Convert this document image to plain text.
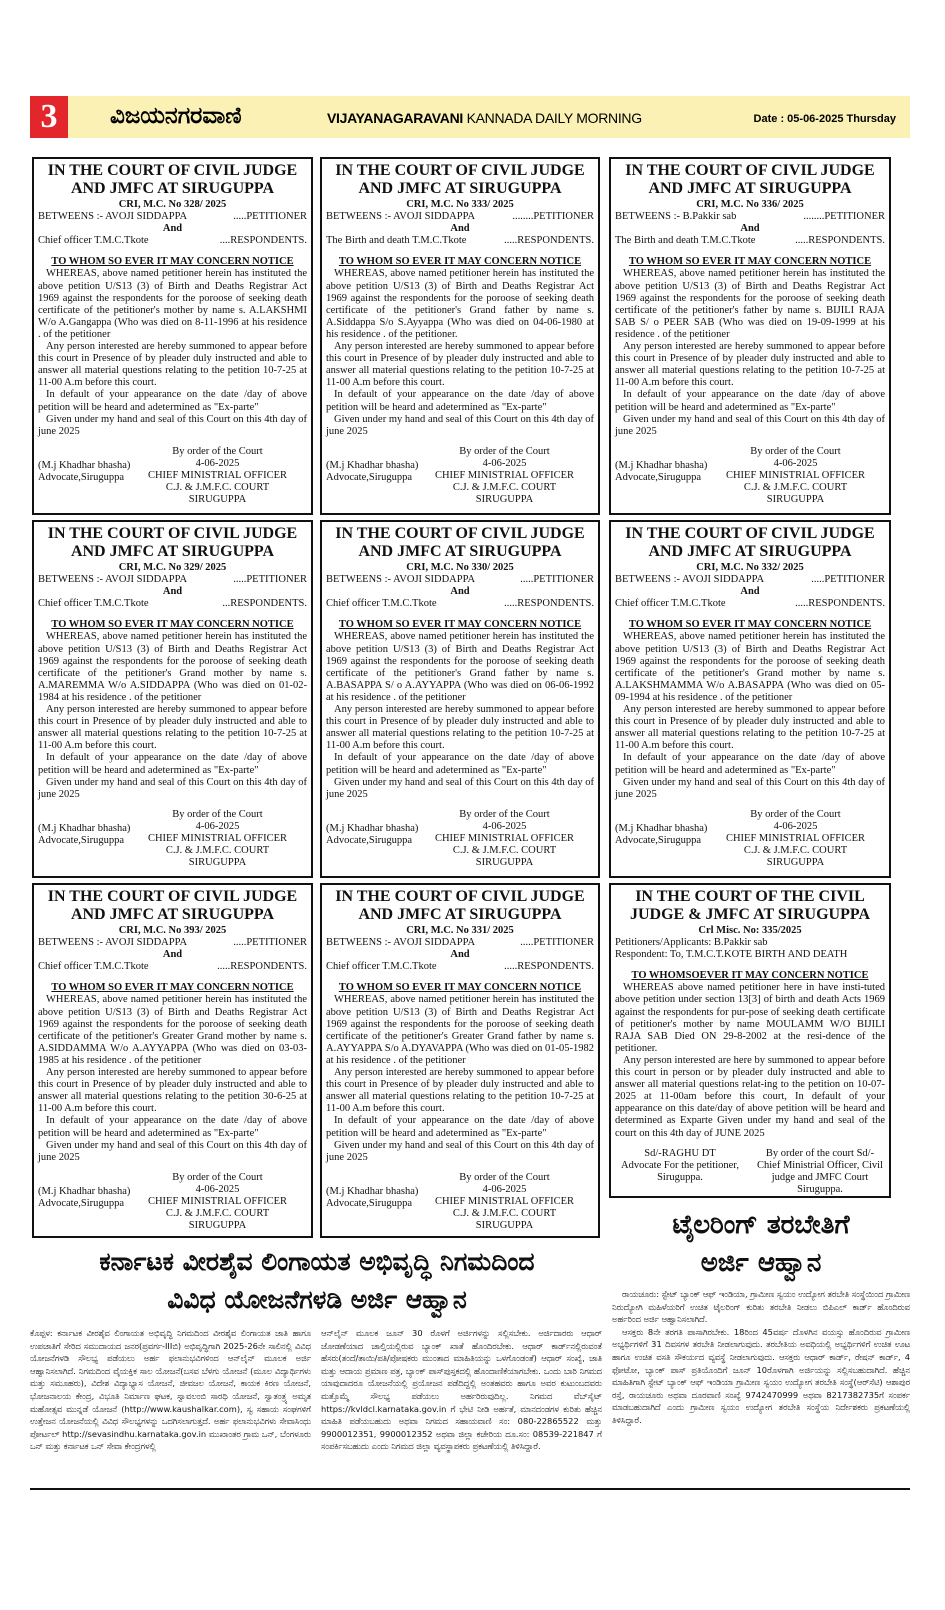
3	ವಿಜಯನಗರವಾಣಿ	VIJAYANAGARAVANI KANNADA DAILY MORNING	Date : 05-06-2025 Thursday
IN THE COURT OF CIVIL JUDGE AND JMFC AT SIRUGUPPA
CRI, M.C. No 328/ 2025
BETWEENS :- AVOJI SIDDAPPA	.....PETITIONER
And
Chief officer T.M.C.Tkote	....RESPONDENTS.
TO WHOM SO EVER IT MAY CONCERN NOTICE
WHEREAS, above named petitioner herein has instituted the above petition U/S13 (3) of Birth and Deaths Registrar Act 1969 against the respondents for the poroose of seeking death certificate of the petitioner's mother by name s. A.LAKSHMI W/o A.Gangappa (Who was died on 8-11-1996 at his residence . of the petitioner
Any person interested are hereby summoned to appear before this court in Presence of by pleader duly instructed and able to answer all material questions relating to the petition 10-7-25 at 11-00 A.m before this court.
In default of your appearance on the date /day of above petition will be heard and adetermined as "Ex-parte"
Given under my hand and seal of this Court on this 4th day of june 2025
(M.j Khadhar bhasha)
Advocate,Siruguppa
By order of the Court
4-06-2025
CHIEF MINISTRIAL OFFICER
C.J. & J.M.F.C. COURT
SIRUGUPPA
IN THE COURT OF CIVIL JUDGE AND JMFC AT SIRUGUPPA
CRI, M.C. No 333/ 2025
BETWEENS :- AVOJI SIDDAPPA	........PETITIONER
And
The Birth and death T.M.C.Tkote	.....RESPONDENTS.
TO WHOM SO EVER IT MAY CONCERN NOTICE
WHEREAS, above named petitioner herein has instituted the above petition U/S13 (3) of Birth and Deaths Registrar Act 1969 against the respondents for the poroose of seeking death certificate of the petitioner's Grand father by name s. A.Siddappa S/o S.Ayyappa (Who was died on 04-06-1980 at his residence . of the petitioner.
Any person interested are hereby summoned to appear before this court in Presence of by pleader duly instructed and able to answer all material questions relating to the petition 10-7-25 at 11-00 A.m before this court.
In default of your appearance on the date /day of above petition will be heard and adetermined as "Ex-parte"
Given under my hand and seal of this Court on this 4th day of june 2025
(M.j Khadhar bhasha)
Advocate,Siruguppa
By order of the Court
4-06-2025
CHIEF MINISTRIAL OFFICER
C.J. & J.M.F.C. COURT
SIRUGUPPA
IN THE COURT OF CIVIL JUDGE AND JMFC AT SIRUGUPPA
CRI, M.C. No 336/ 2025
BETWEENS :- B.Pakkir sab	........PETITIONER
And
The Birth and death T.M.C.Tkote	.....RESPONDENTS.
TO WHOM SO EVER IT MAY CONCERN NOTICE
WHEREAS, above named petitioner herein has instituted the above petition U/S13 (3) of Birth and Deaths Registrar Act 1969 against the respondents for the poroose of seeking death certificate of the petitioner's father by name s. BIJILI RAJA SAB S/ o PEER SAB (Who was died on 19-09-1999 at his residence . of the petitioner
Any person interested are hereby summoned to appear before this court in Presence of by pleader duly instructed and able to answer all material questions relating to the petition 10-7-25 at 11-00 A.m before this court.
In default of your appearance on the date /day of above petition will be heard and adetermined as "Ex-parte"
Given under my hand and seal of this Court on this 4th day of june 2025
(M.j Khadhar bhasha)
Advocate,Siruguppa
By order of the Court
4-06-2025
CHIEF MINISTRIAL OFFICER
C.J. & J.M.F.C. COURT
SIRUGUPPA
IN THE COURT OF CIVIL JUDGE AND JMFC AT SIRUGUPPA
CRI, M.C. No 329/ 2025
BETWEENS :- AVOJI SIDDAPPA	.....PETITIONER
And
Chief officer T.M.C.Tkote	...RESPONDENTS.
TO WHOM SO EVER IT MAY CONCERN NOTICE
WHEREAS, above named petitioner herein has instituted the above petition U/S13 (3) of Birth and Deaths Registrar Act 1969 against the respondents for the poroose of seeking death certificate of the petitioner's Grand mother by name s. A.MAREMMA W/o A.SIDDAPPA (Who was died on 01-02-1984 at his residence . of the petitioner
Any person interested are hereby summoned to appear before this court in Presence of by pleader duly instructed and able to answer all material questions relating to the petition 10-7-25 at 11-00 A.m before this court.
In default of your appearance on the date /day of above petition will be heard and adetermined as "Ex-parte"
Given under my hand and seal of this Court on this 4th day of june 2025
(M.j Khadhar bhasha)
Advocate,Siruguppa
By order of the Court
4-06-2025
CHIEF MINISTRIAL OFFICER
C.J. & J.M.F.C. COURT
SIRUGUPPA
IN THE COURT OF CIVIL JUDGE AND JMFC AT SIRUGUPPA
CRI, M.C. No 330/ 2025
BETWEENS :- AVOJI SIDDAPPA	.....PETITIONER
And
Chief officer T.M.C.Tkote	.....RESPONDENTS.
TO WHOM SO EVER IT MAY CONCERN NOTICE
WHEREAS, above named petitioner herein has instituted the above petition U/S13 (3) of Birth and Deaths Registrar Act 1969 against the respondents for the poroose of seeking death certificate of the petitioner's Grand father by name s. A.BASAPPA S/ o A.AYYAPPA (Who was died on 06-06-1992 at his residence . of the petitioner
Any person interested are hereby summoned to appear before this court in Presence of by pleader duly instructed and able to answer all material questions relating to the petition 10-7-25 at 11-00 A.m before this court.
In default of your appearance on the date /day of above petition will be heard and adetermined as "Ex-parte"
Given under my hand and seal of this Court on this 4th day of june 2025
(M.j Khadhar bhasha)
Advocate,Siruguppa
By order of the Court
4-06-2025
CHIEF MINISTRIAL OFFICER
C.J. & J.M.F.C. COURT
SIRUGUPPA
IN THE COURT OF CIVIL JUDGE AND JMFC AT SIRUGUPPA
CRI, M.C. No 332/ 2025
BETWEENS :- AVOJI SIDDAPPA	.....PETITIONER
And
Chief officer T.M.C.Tkote	.....RESPONDENTS.
TO WHOM SO EVER IT MAY CONCERN NOTICE
WHEREAS, above named petitioner herein has instituted the above petition U/S13 (3) of Birth and Deaths Registrar Act 1969 against the respondents for the poroose of seeking death certificate of the petitioner's Grand mother by name s. A.LAKSHMAMMA W/o A.BASAPPA (Who was died on 05-09-1994 at his residence . of the petitioner
Any person interested are hereby summoned to appear before this court in Presence of by pleader duly instructed and able to answer all material questions relating to the petition 10-7-25 at 11-00 A.m before this court.
In default of your appearance on the date /day of above petition will be heard and adetermined as "Ex-parte"
Given under my hand and seal of this Court on this 4th day of june 2025
(M.j Khadhar bhasha)
Advocate,Siruguppa
By order of the Court
4-06-2025
CHIEF MINISTRIAL OFFICER
C.J. & J.M.F.C. COURT
SIRUGUPPA
IN THE COURT OF CIVIL JUDGE AND JMFC AT SIRUGUPPA
CRI, M.C. No 393/ 2025
BETWEENS :- AVOJI SIDDAPPA	.....PETITIONER
And
Chief officer T.M.C.Tkote	.....RESPONDENTS.
TO WHOM SO EVER IT MAY CONCERN NOTICE
WHEREAS, above named petitioner herein has instituted the above petition U/S13 (3) of Birth and Deaths Registrar Act 1969 against the respondents for the poroose of seeking death certificate of the petitioner's Greater Grand mother by name s. A.SIDDAMMA W/o A.AYYAPPA (Who was died on 03-03-1985 at his residence . of the petitioner
Any person interested are hereby summoned to appear before this court in Presence of by pleader duly instructed and able to answer all material questions relating to the petition 30-6-25 at 11-00 A.m before this court.
In default of your appearance on the date /day of above petition will be heard and adetermined as "Ex-parte"
Given under my hand and seal of this Court on this 4th day of june 2025
(M.j Khadhar bhasha)
Advocate,Siruguppa
By order of the Court
4-06-2025
CHIEF MINISTRIAL OFFICER
C.J. & J.M.F.C. COURT
SIRUGUPPA
IN THE COURT OF CIVIL JUDGE AND JMFC AT SIRUGUPPA
CRI, M.C. No 331/ 2025
BETWEENS :- AVOJI SIDDAPPA	.....PETITIONER
And
Chief officer T.M.C.Tkote	.....RESPONDENTS.
TO WHOM SO EVER IT MAY CONCERN NOTICE
WHEREAS, above named petitioner herein has instituted the above petition U/S13 (3) of Birth and Deaths Registrar Act 1969 against the respondents for the poroose of seeking death certificate of the petitioner's Greater Grand father by name s. A.AYYAPPA S/o A.DYAVAPPA (Who was died on 01-05-1982 at his residence . of the petitioner
Any person interested are hereby summoned to appear before this court in Presence of by pleader duly instructed and able to answer all material questions relating to the petition 10-7-25 at 11-00 A.m before this court.
In default of your appearance on the date /day of above petition will be heard and adetermined as "Ex-parte"
Given under my hand and seal of this Court on this 4th day of june 2025
(M.j Khadhar bhasha)
Advocate,Siruguppa
By order of the Court
4-06-2025
CHIEF MINISTRIAL OFFICER
C.J. & J.M.F.C. COURT
SIRUGUPPA
IN THE COURT OF THE CIVIL JUDGE & JMFC AT SIRUGUPPA
Crl Misc. No: 335/2025
Petitioners/Applicants: B.Pakkir sab
Respondent: To, T.M.C.T.KOTE BIRTH AND DEATH
TO WHOMSOEVER IT MAY CONCERN NOTICE
WHEREAS above named petitioner here in have insti-tuted above petition under section 13[3] of birth and death Acts 1969 against the respondents for pur-pose of seeking death certificate of petitioner's mother by name MOULAMM W/O BIJILI RAJA SAB Died ON 29-8-2002 at the resi-dence of the petitioner.
Any person interested are here by summoned to appear before this court in person or by pleader duly instructed and able to answer all material questions relat-ing to the petition on 10-07-2025 at 11-00am before this court, In default of your appearance on this date/day of above petition will be heard and determined as Exparte Given under my hand and seal of the court on this 4th day of JUNE 2025
Sd/-RAGHU DT
Advocate For the petitioner,
Siruguppa.
By order of the court Sd/-
Chief Ministrial Officer, Civil
judge and JMFC Court
Siruguppa.
ಕರ್ನಾಟಕ ವೀರಶೈವ ಲಿಂಗಾಯತ ಅಭಿವೃದ್ಧಿ ನಿಗಮದಿಂದ
ವಿವಿಧ ಯೋಜನೆಗಳಡಿ ಅರ್ಜಿ ಆಹ್ವಾನ
ಕೊಪ್ಪಳ: ಕರ್ನಾಟಕ ವೀರಶೈವ ಲಿಂಗಾಯತ ಅಭಿವೃದ್ಧಿ ನಿಗಮದಿಂದ ವೀರಶೈವ ಲಿಂಗಾಯತ ಜಾತಿ ಹಾಗೂ ಉಪಜಾತಿಗೆ ಸೇರಿದ ಸಮುದಾಯದ ಜನರ(ಪ್ರವರ್ಗ-IIIಬಿ) ಅಭಿವೃದ್ಧಿಗಾಗಿ 2025-26ನೇ ಸಾಲಿನಲ್ಲಿ ವಿವಿಧ ಯೋಜನೆಗಳಡಿ ಸೌಲಭ್ಯ ಪಡೆಯಲು ಅರ್ಹ ಫಲಾನುಭವಿಗಳಿಂದ ಆನ್‌ಲೈನ್ ಮೂಲಕ ಅರ್ಜಿ ಆಹ್ವಾನಿಸಲಾಗಿದೆ. ನಿಗಮದಿಂದ ವೈಯಕ್ತಿಕ ಸಾಲ ಯೋಜನೆ(ಬಸವ ಬೆಳಗು ಯೋಜನೆ (ಮೂಲ ವಿದ್ಯಾರ್ಥಿಗಳು ಮತ್ತು ಸಮೂಹರು), ವಿದೇಶ ವಿದ್ಯಾಭ್ಯಾಸ ಯೋಜನೆ, ಜೀವಜಲ ಯೋಜನೆ, ಕಾಯಕ ಕಿರಣ ಯೋಜನೆ, ಭೋಜನಾಲಯ ಕೇಂದ್ರ, ವಿಭೂತಿ ನಿರ್ಮಾಣ ಘಟಕ, ಸ್ವಾವಲಂಬಿ ಸಾರಥಿ ಯೋಜನೆ, ಸ್ವಾತಂತ್ರ್ಯ ಅಮೃತ ಮಹೋತ್ಸವ ಮುನ್ನಡೆ ಯೋಜನೆ (http://www.kaushalkar.com), ಸ್ವ ಸಹಾಯ ಸಂಘಗಳಿಗೆ ಉತ್ತೇಜನ ಯೋಜನೆಯಲ್ಲಿ ವಿವಿಧ ಸೌಲಭ್ಯಗಳನ್ನು ಒದಗಿಸಲಾಗುತ್ತದೆ. ಅರ್ಹ ಫಲಾನುಭವಿಗಳು ಸೇವಾಸಿಂಧು ಪೋರ್ಟಲ್ http://sevasindhu.karnataka.gov.in ಮುಖಾಂತರ ಗ್ರಾಮ ಒನ್, ಬೆಂಗಳೂರು ಒನ್ ಮತ್ತು ಕರ್ನಾಟಕ ಒನ್ ಸೇವಾ ಕೇಂದ್ರಗಳಲ್ಲಿ
ಆನ್‌ಲೈನ್ ಮೂಲಕ ಜೂನ್ 30 ರೊಳಗೆ ಅರ್ಜಿಗಳನ್ನು ಸಲ್ಲಿಸಬೇಕು. ಅರ್ಜಿದಾರರು ಆಧಾರ್ ಜೋಡಣೆಯಾದ ಚಾಲ್ತಿಯಲ್ಲಿರುವ ಬ್ಯಾಂಕ್ ಖಾತೆ ಹೊಂದಿರಬೇಕು. ಆಧಾರ್ ಕಾರ್ಡ್‌ನಲ್ಲಿರುವಂತೆ ಹೆಸರು(ತಂದೆ/ತಾಯಿ/ಪತಿ/ಪೋಷಕರು ಮುಂತಾದ ಮಾಹಿತಿಯನ್ನು ಒಳಗೊಂಡಂತೆ) ಆಧಾರ್ ಸಂಖ್ಯೆ, ಜಾತಿ ಮತ್ತು ಆದಾಯ ಪ್ರಮಾಣ ಪತ್ರ, ಬ್ಯಾಂಕ್ ಪಾಸ್‌ಪುಸ್ತಕದಲ್ಲಿ ಹೊಂದಾಣಿಕೆಯಾಗಬೇಕು. ಒಂದು ಬಾರಿ ನಿಗಮದ ಯಾವುದಾದರೂ ಯೋಜನೆಯಲ್ಲಿ ಪ್ರಯೋಜನ ಪಡೆದಿದ್ದಲ್ಲಿ ಅಂತಹವರು ಹಾಗೂ ಅವರ ಕುಟುಂಬದವರು ಮತ್ತೊಮ್ಮೆ ಸೌಲಭ್ಯ ಪಡೆಯಲು ಅರ್ಹರಿರುವುದಿಲ್ಲ. ನಿಗಮದ ವೆಬ್‌ಸೈಟ್ https://kvldcl.karnataka.gov.in ಗೆ ಭೇಟಿ ನೀಡಿ ಅರ್ಹತೆ, ಮಾನದಂಡಗಳ ಕುರಿತು ಹೆಚ್ಚಿನ ಮಾಹಿತಿ ಪಡೆಯಬಹುದು ಅಥವಾ ನಿಗಮದ ಸಹಾಯವಾಣಿ ಸಂ: 080-22865522 ಮತ್ತು 9900012351, 9900012352 ಅಥವಾ ಜಿಲ್ಲಾ ಕಚೇರಿಯ ದೂ.ಸಂ: 08539-221847 ಗೆ ಸಂಪರ್ಕಿಸಬಹುದು ಎಂದು ನಿಗಮದ ಜಿಲ್ಲಾ ವ್ಯವಸ್ಥಾಪಕರು ಪ್ರಕಟಣೆಯಲ್ಲಿ ತಿಳಿಸಿದ್ದಾರೆ.
ಟೈಲರಿಂಗ್ ತರಬೇತಿಗೆ
ಅರ್ಜಿ ಆಹ್ವಾನ

ರಾಯಚೂರು: ಸ್ಟೇಟ್ ಬ್ಯಾಂಕ್ ಆಫ್ ಇಂಡಿಯಾ, ಗ್ರಾಮೀಣ ಸ್ವಯಂ ಉದ್ಯೋಗ ತರಬೇತಿ ಸಂಸ್ಥೆಯಿಂದ ಗ್ರಾಮೀಣ ನಿರುದ್ಯೋಗಿ ಮಹಿಳೆಯರಿಗೆ ಉಚಿತ ಟೈಲರಿಂಗ್ ಕುರಿತು ತರಬೇತಿ ನೀಡಲು ಬಿಪಿಎಲ್ ಕಾರ್ಡ್ ಹೊಂದಿರುವ ಅರ್ಹರಿಂದ ಅರ್ಜಿ ಆಹ್ವಾನಿಸಲಾಗಿದೆ.

ಆಸಕ್ತರು 8ನೇ ತರಗತಿ ಪಾಸಾಗಿರಬೇಕು. 18ರಿಂದ 45ವರ್ಷ ದೊಳಗಿನ ವಯಸ್ಸು ಹೊಂದಿರುವ ಗ್ರಾಮೀಣ ಅಭ್ಯರ್ಥಿಗಳಿಗೆ 31 ದಿವಸಗಳ ತರಬೇತಿ ನೀಡಲಾಗುವುದು. ತರಬೇತಿಯ ಅವಧಿಯಲ್ಲಿ ಅಭ್ಯರ್ಥಿಗಳಿಗೆ ಉಚಿತ ಊಟ ಹಾಗೂ ಉಚಿತ ವಸತಿ ಸೌಕರ್ಯದ ವ್ಯವಸ್ಥೆ ನೀಡಲಾಗುವುದು. ಆಸಕ್ತರು ಆಧಾರ್ ಕಾರ್ಡ್, ರೇಷನ್ ಕಾರ್ಡ್, 4 ಫೋಟೋ, ಬ್ಯಾಂಕ್ ಪಾಸ್ ಪ್ರತಿಯೊಂದಿಗೆ ಜೂನ್ 10ರೊಳಗಾಗಿ ಅರ್ಜಿಯನ್ನು ಸಲ್ಲಿಸಬಹುದಾಗಿದೆ. ಹೆಚ್ಚಿನ ಮಾಹಿತಿಗಾಗಿ ಸ್ಟೇಟ್ ಬ್ಯಾಂಕ್ ಆಫ್ ಇಂಡಿಯಾ ಗ್ರಾಮೀಣ ಸ್ವಯಂ ಉದ್ಯೋಗ ತರಬೇತಿ ಸಂಸ್ಥೆ(ಆರ್‌ಸೆಟಿ) ಆಶಾಪುರ ರಸ್ತೆ, ರಾಯಚೂರು ಅಥವಾ ದೂರವಾಣಿ ಸಂಖ್ಯೆ 9742470999 ಅಥವಾ 8217382735ಗೆ ಸಂಪರ್ಕ ಮಾಡಬಹುದಾಗಿದೆ ಎಂದು ಗ್ರಾಮೀಣ ಸ್ವಯಂ ಉದ್ಯೋಗ ತರಬೇತಿ ಸಂಸ್ಥೆಯ ನಿರ್ದೇಶಕರು ಪ್ರಕಟಣೆಯಲ್ಲಿ ತಿಳಿಸಿದ್ದಾರೆ.
